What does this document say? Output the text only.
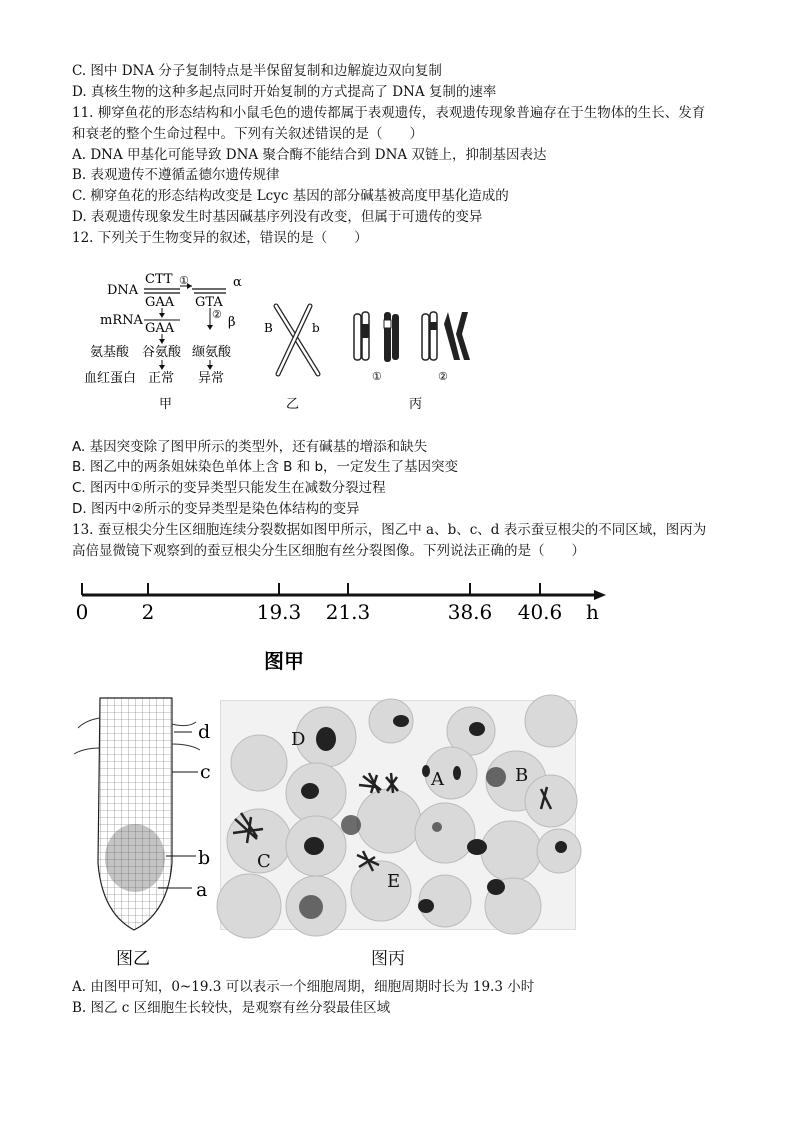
C. 图中 DNA 分子复制特点是半保留复制和边解旋边双向复制
D. 真核生物的这种多起点同时开始复制的方式提高了 DNA 复制的速率
11. 柳穿鱼花的形态结构和小鼠毛色的遗传都属于表观遗传，表观遗传现象普遍存在于生物体的生长、发育
和衰老的整个生命过程中。下列有关叙述错误的是（　　）
A. DNA 甲基化可能导致 DNA 聚合酶不能结合到 DNA 双链上，抑制基因表达
B. 表观遗传不遵循孟德尔遗传规律
C. 柳穿鱼花的形态结构改变是 Lcyc 基因的部分碱基被高度甲基化造成的
D. 表观遗传现象发生时基因碱基序列没有改变，但属于可遗传的变异
12. 下列关于生物变异的叙述，错误的是（　　）
DNA
CTT
GAA
①	α
GTA
mRNA
GAA
②
β
氨基酸 谷氨酸 缬氨酸
血红蛋白 正常 异常
甲
B	b
乙
①	②
丙
A. 基因突变除了图甲所示的类型外，还有碱基的增添和缺失
B. 图乙中的两条姐妹染色单体上含 B 和 b，一定发生了基因突变
C. 图丙中①所示的变异类型只能发生在减数分裂过程
D. 图丙中②所示的变异类型是染色体结构的变异
13. 蚕豆根尖分生区细胞连续分裂数据如图甲所示，图乙中 a、b、c、d 表示蚕豆根尖的不同区域，图丙为
高倍显微镜下观察到的蚕豆根尖分生区细胞有丝分裂图像。下列说法正确的是（　　）
0	2	19.3 21.3	38.6 40.6 h
图甲
d
c
b
a
图乙
D
A	B
C
E
图丙
A. 由图甲可知，0~19.3 可以表示一个细胞周期，细胞周期时长为 19.3 小时
B. 图乙 c 区细胞生长较快，是观察有丝分裂最佳区域
